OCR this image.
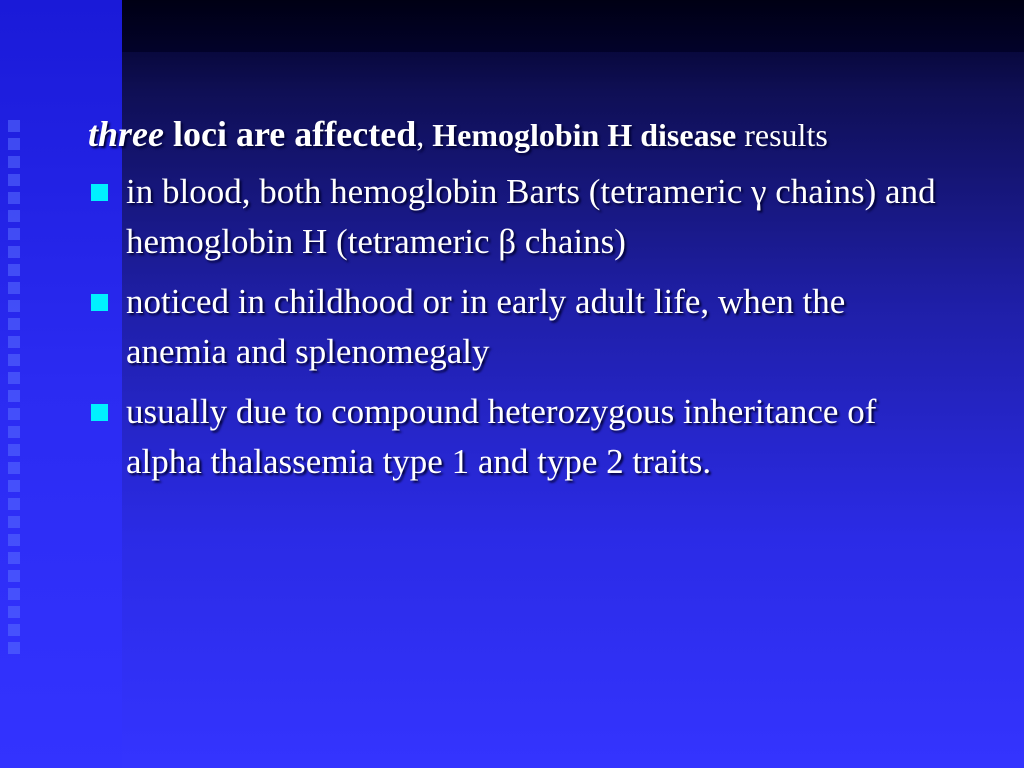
three loci are affected, Hemoglobin H disease results

in blood, both hemoglobin Barts (tetrameric γ chains) and hemoglobin H (tetrameric β chains)
noticed in childhood or in early adult life, when the anemia and splenomegaly
usually due to compound heterozygous inheritance of alpha thalassemia type 1 and type 2 traits.
